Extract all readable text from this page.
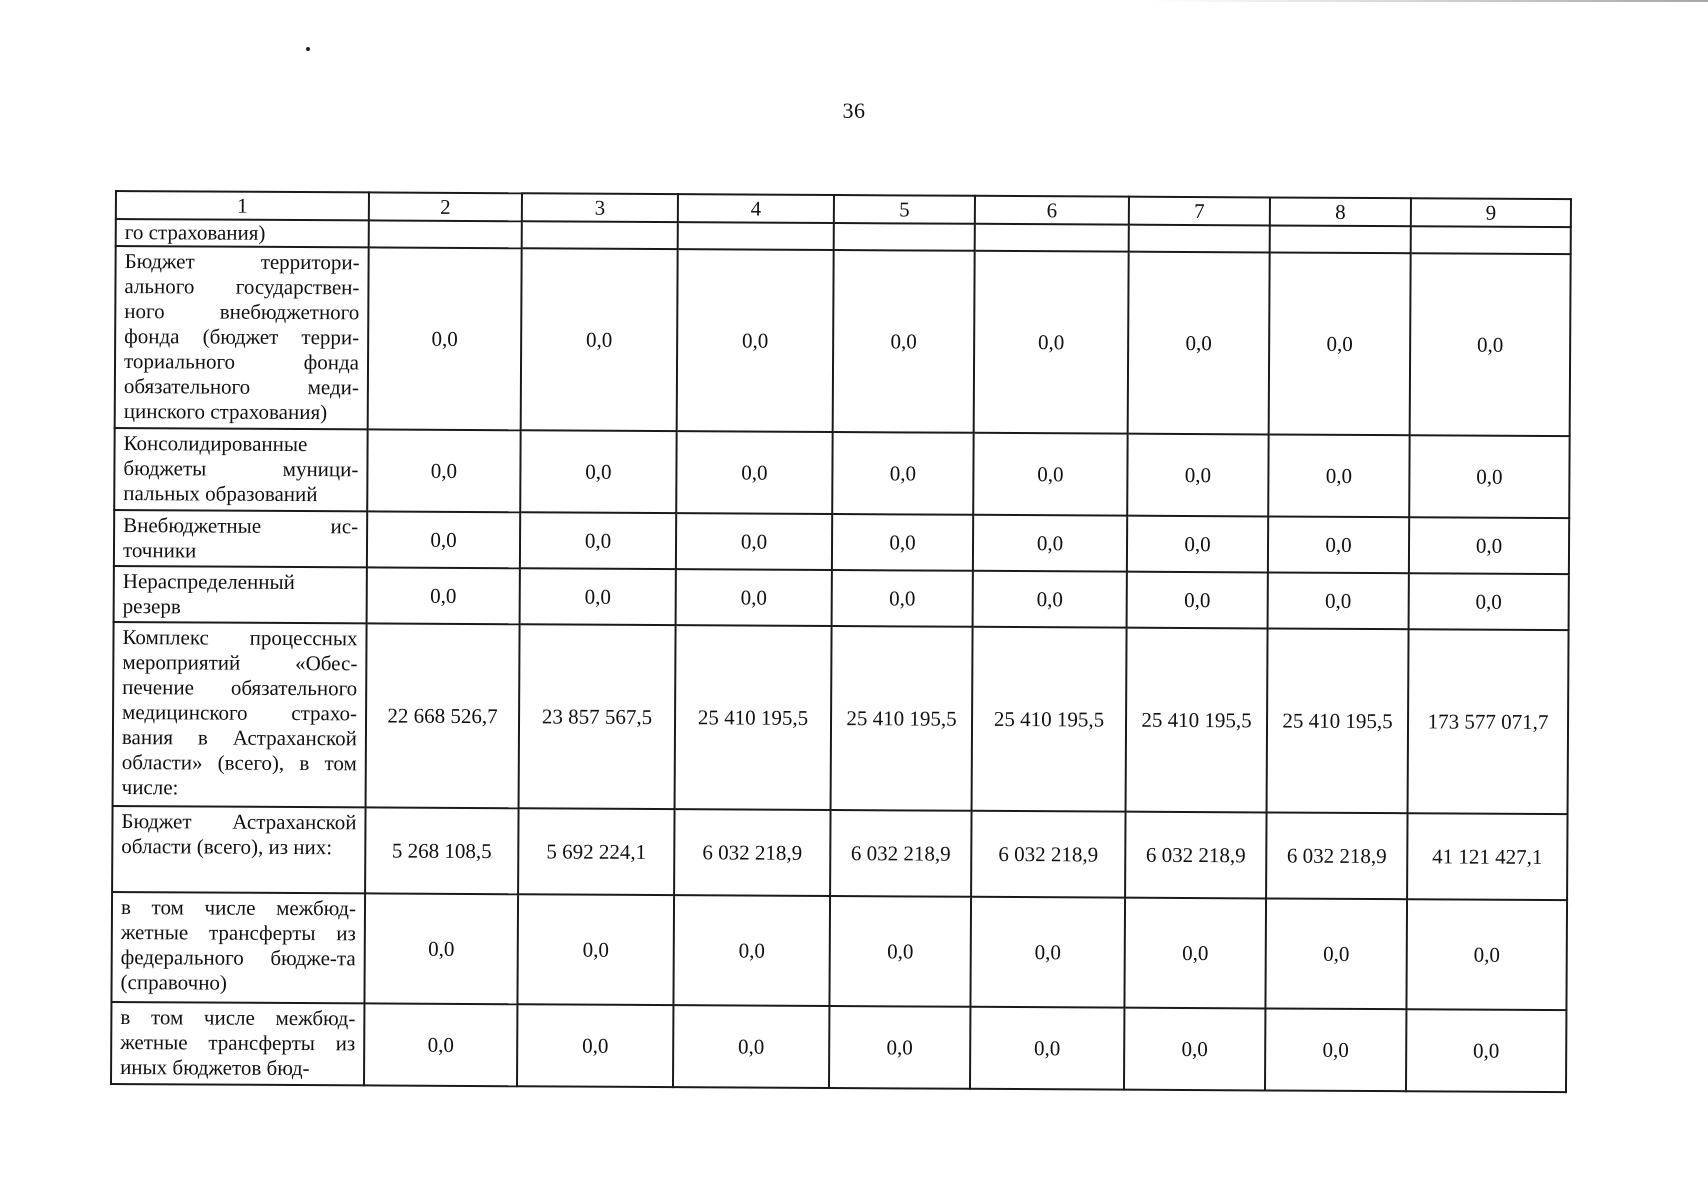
36
1	2	3	4	5	6	7	8	9
го страхования)								
Бюджет территори-ального государствен-ного внебюджетного фонда (бюджет терри-ториального фонда обязательного меди-цинского страхования)	0,0	0,0	0,0	0,0	0,0	0,0	0,0	0,0
Консолидированные бюджеты муници-пальных образований	0,0	0,0	0,0	0,0	0,0	0,0	0,0	0,0
Внебюджетные ис-точники	0,0	0,0	0,0	0,0	0,0	0,0	0,0	0,0
Нераспределенный резерв	0,0	0,0	0,0	0,0	0,0	0,0	0,0	0,0
Комплекс процессных мероприятий «Обес-печение обязательного медицинского страхо-вания в Астраханской области» (всего), в том числе:	22 668 526,7	23 857 567,5	25 410 195,5	25 410 195,5	25 410 195,5	25 410 195,5	25 410 195,5	173 577 071,7
Бюджет Астраханской области (всего), из них:	5 268 108,5	5 692 224,1	6 032 218,9	6 032 218,9	6 032 218,9	6 032 218,9	6 032 218,9	41 121 427,1
в том числе межбюд-жетные трансферты из федерального бюдже-та (справочно)	0,0	0,0	0,0	0,0	0,0	0,0	0,0	0,0
в том числе межбюд-жетные трансферты из иных бюджетов бюд-	0,0	0,0	0,0	0,0	0,0	0,0	0,0	0,0
